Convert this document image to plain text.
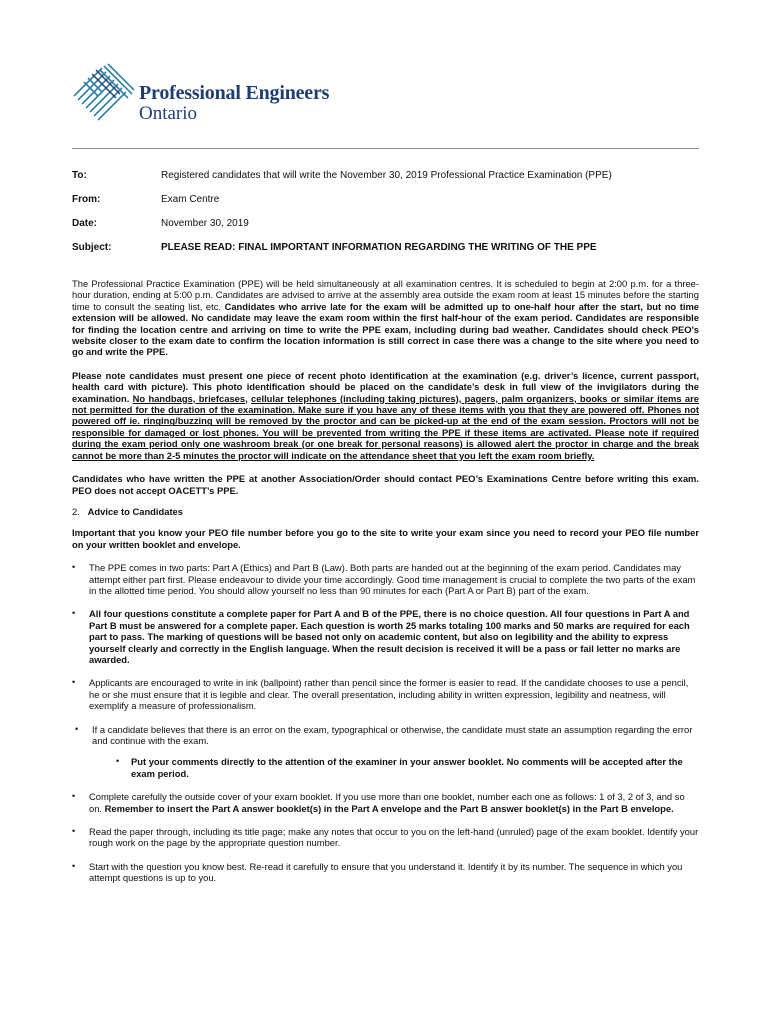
Professional Engineers
Ontario
To:	Registered candidates that will write the November 30, 2019 Professional Practice Examination (PPE)
From:	Exam Centre
Date:	November 30, 2019
Subject:	PLEASE READ: FINAL IMPORTANT INFORMATION REGARDING THE WRITING OF THE PPE

The Professional Practice Examination (PPE) will be held simultaneously at all examination centres. It is scheduled to begin at 2:00 p.m. for a three-hour duration, ending at 5:00 p.m. Candidates are advised to arrive at the assembly area outside the exam room at least 15 minutes before the starting time to consult the seating list, etc. Candidates who arrive late for the exam will be admitted up to one-half hour after the start, but no time extension will be allowed. No candidate may leave the exam room within the first half-hour of the exam period. Candidates are responsible for finding the location centre and arriving on time to write the PPE exam, including during bad weather. Candidates should check PEO’s website closer to the exam date to confirm the location information is still correct in case there was a change to the site where you need to go and write the PPE.

Please note candidates must present one piece of recent photo identification at the examination (e.g. driver’s licence, current passport, health card with picture). This photo identification should be placed on the candidate’s desk in full view of the invigilators during the examination. No handbags, briefcases, cellular telephones (including taking pictures), pagers, palm organizers, books or similar items are not permitted for the duration of the examination. Make sure if you have any of these items with you that they are powered off. Phones not powered off ie. ringing/buzzing will be removed by the proctor and can be picked-up at the end of the exam session. Proctors will not be responsible for damaged or lost phones. You will be prevented from writing the PPE if these items are activated. Please note if required during the exam period only one washroom break (or one break for personal reasons) is allowed alert the proctor in charge and the break cannot be more than 2-5 minutes the proctor will indicate on the attendance sheet that you left the exam room briefly.

Candidates who have written the PPE at another Association/Order should contact PEO’s Examinations Centre before writing this exam. PEO does not accept OACETT’s PPE.

2. Advice to Candidates

Important that you know your PEO file number before you go to the site to write your exam since you need to record your PEO file number on your written booklet and envelope.

• The PPE comes in two parts: Part A (Ethics) and Part B (Law). Both parts are handed out at the beginning of the exam period. Candidates may attempt either part first. Please endeavour to divide your time accordingly. Good time management is crucial to complete the two parts of the exam in the allotted time period. You should allow yourself no less than 90 minutes for each (Part A or Part B) part of the exam.

• All four questions constitute a complete paper for Part A and B of the PPE, there is no choice question. All four questions in Part A and Part B must be answered for a complete paper. Each question is worth 25 marks totaling 100 marks and 50 marks are required for each part to pass. The marking of questions will be based not only on academic content, but also on legibility and the ability to express yourself clearly and correctly in the English language. When the result decision is received it will be a pass or fail letter no marks are awarded.

• Applicants are encouraged to write in ink (ballpoint) rather than pencil since the former is easier to read. If the candidate chooses to use a pencil, he or she must ensure that it is legible and clear. The overall presentation, including ability in written expression, legibility and neatness, will exemplify a measure of professionalism.

•	If a candidate believes that there is an error on the exam, typographical or otherwise, the candidate must state an assumption regarding the error and continue with the exam.

• Put your comments directly to the attention of the examiner in your answer booklet. No comments will be accepted after the exam period.

• Complete carefully the outside cover of your exam booklet. If you use more than one booklet, number each one as follows: 1 of 3, 2 of 3, and so on. Remember to insert the Part A answer booklet(s) in the Part A envelope and the Part B answer booklet(s) in the Part B envelope.

• Read the paper through, including its title page; make any notes that occur to you on the left-hand (unruled) page of the exam booklet. Identify your rough work on the page by the appropriate question number.

• Start with the question you know best. Re-read it carefully to ensure that you understand it. Identify it by its number. The sequence in which you attempt questions is up to you.
